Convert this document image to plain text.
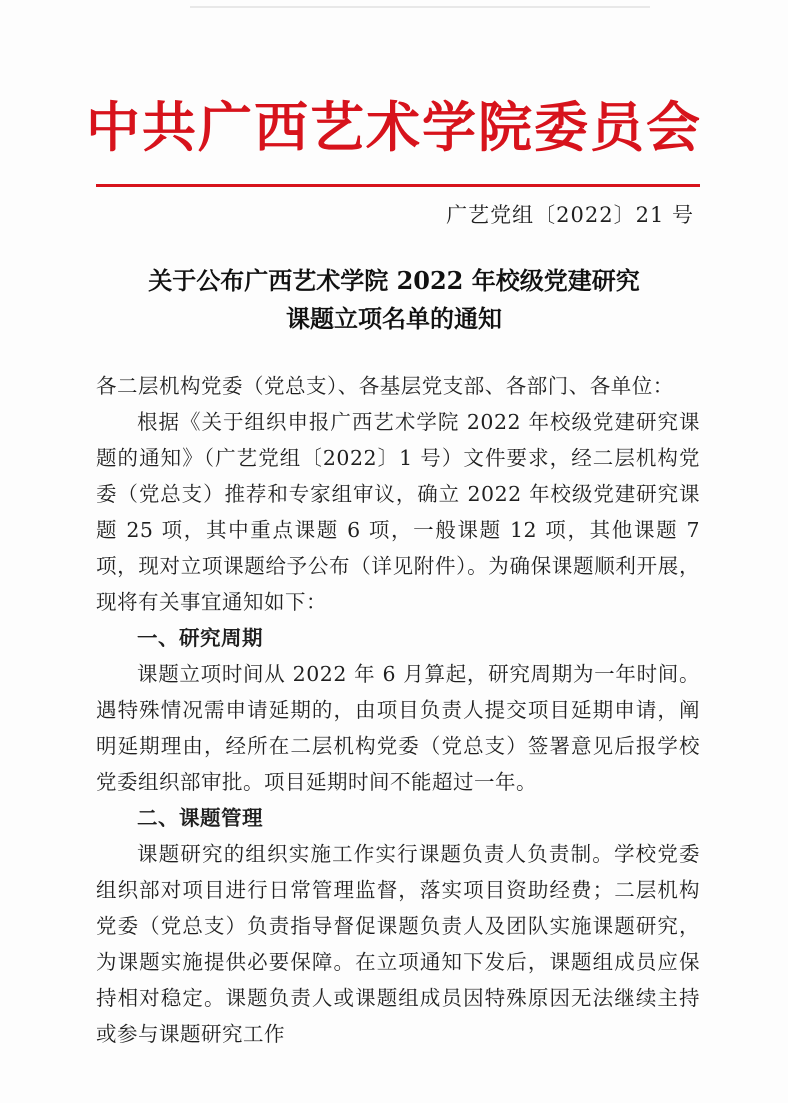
中共广西艺术学院委员会
广艺党组〔2022〕21 号
关于公布广西艺术学院 2022 年校级党建研究
课题立项名单的通知

各二层机构党委（党总支）、各基层党支部、各部门、各单位：

根据《关于组织申报广西艺术学院 2022 年校级党建研究课题的通知》（广艺党组〔2022〕1 号）文件要求，经二层机构党委（党总支）推荐和专家组审议，确立 2022 年校级党建研究课题 25 项，其中重点课题 6 项，一般课题 12 项，其他课题 7 项，现对立项课题给予公布（详见附件）。为确保课题顺利开展，现将有关事宜通知如下：

一、研究周期

课题立项时间从 2022 年 6 月算起，研究周期为一年时间。遇特殊情况需申请延期的，由项目负责人提交项目延期申请，阐明延期理由，经所在二层机构党委（党总支）签署意见后报学校党委组织部审批。项目延期时间不能超过一年。

二、课题管理

课题研究的组织实施工作实行课题负责人负责制。学校党委组织部对项目进行日常管理监督，落实项目资助经费；二层机构党委（党总支）负责指导督促课题负责人及团队实施课题研究，为课题实施提供必要保障。在立项通知下发后，课题组成员应保持相对稳定。课题负责人或课题组成员因特殊原因无法继续主持或参与课题研究工作
